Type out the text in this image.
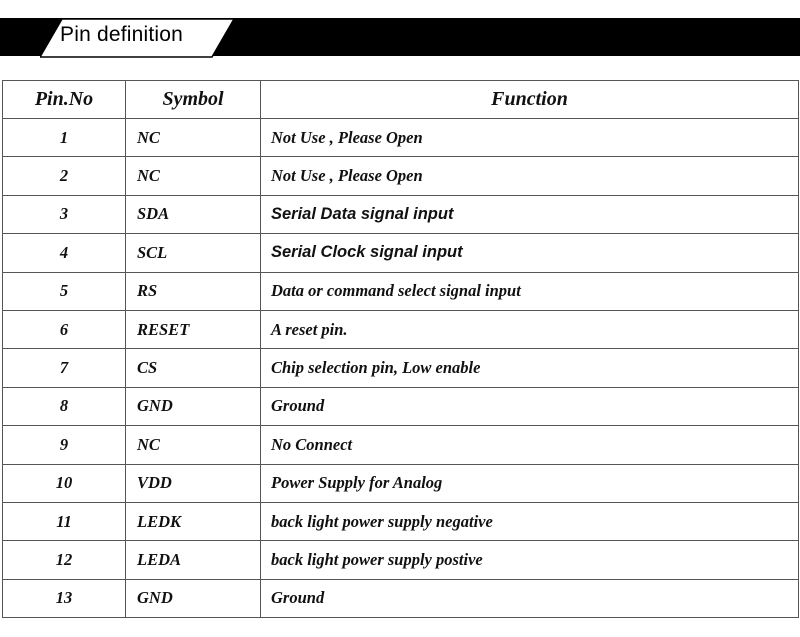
Pin definition
Pin.No	Symbol	Function
1	NC	Not Use , Please Open
2	NC	Not Use , Please Open
3	SDA	Serial Data signal input
4	SCL	Serial Clock signal input
5	RS	Data or command select signal input
6	RESET	A reset pin.
7	CS	Chip selection pin, Low enable
8	GND	Ground
9	NC	No Connect
10	VDD	Power Supply for Analog
11	LEDK	back light power supply negative
12	LEDA	back light power supply postive
13	GND	Ground
